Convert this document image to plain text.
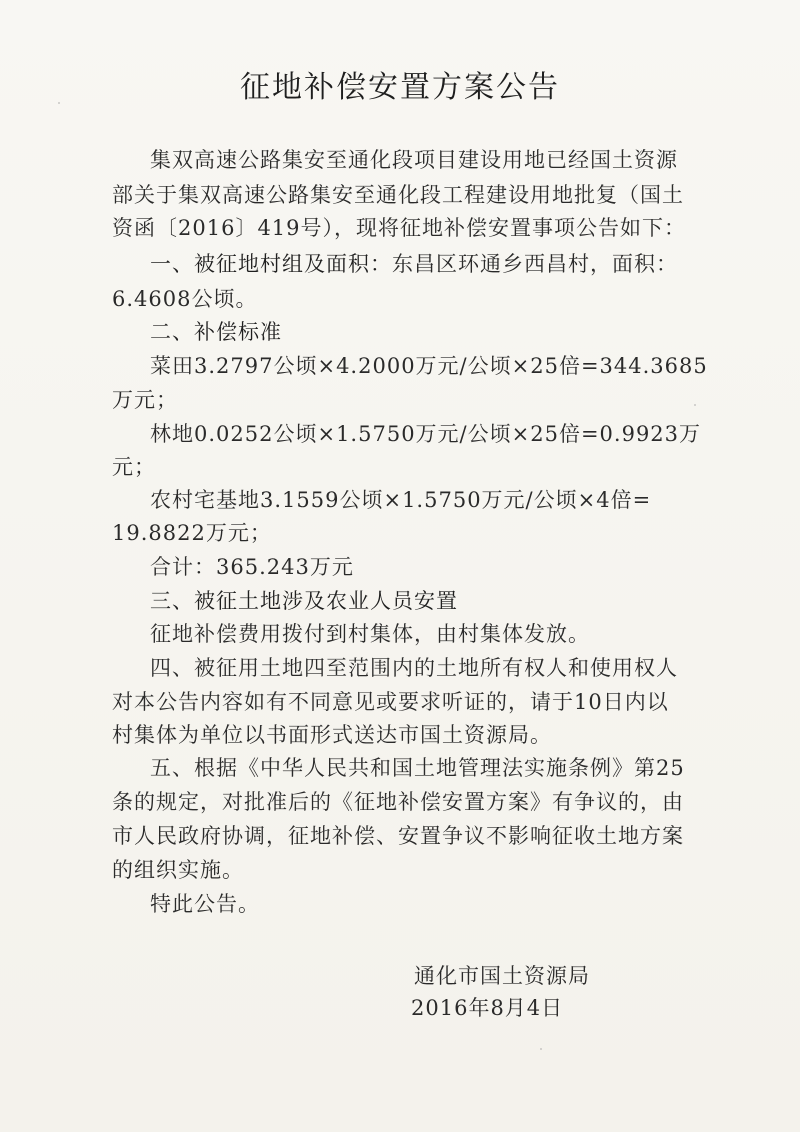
征地补偿安置方案公告
集双高速公路集安至通化段项目建设用地已经国土资源
部关于集双高速公路集安至通化段工程建设用地批复（国土
资函〔2016〕419号），现将征地补偿安置事项公告如下：
一、被征地村组及面积：东昌区环通乡西昌村，面积：
6.4608公顷。
二、补偿标准
菜田3.2797公顷×4.2000万元/公顷×25倍=344.3685
万元；
林地0.0252公顷×1.5750万元/公顷×25倍=0.9923万
元；
农村宅基地3.1559公顷×1.5750万元/公顷×4倍=
19.8822万元；
合计：365.243万元
三、被征土地涉及农业人员安置
征地补偿费用拨付到村集体，由村集体发放。
四、被征用土地四至范围内的土地所有权人和使用权人
对本公告内容如有不同意见或要求听证的，请于10日内以
村集体为单位以书面形式送达市国土资源局。
五、根据《中华人民共和国土地管理法实施条例》第25
条的规定，对批准后的《征地补偿安置方案》有争议的，由
市人民政府协调，征地补偿、安置争议不影响征收土地方案
的组织实施。
特此公告。
通化市国土资源局
2016年8月4日
